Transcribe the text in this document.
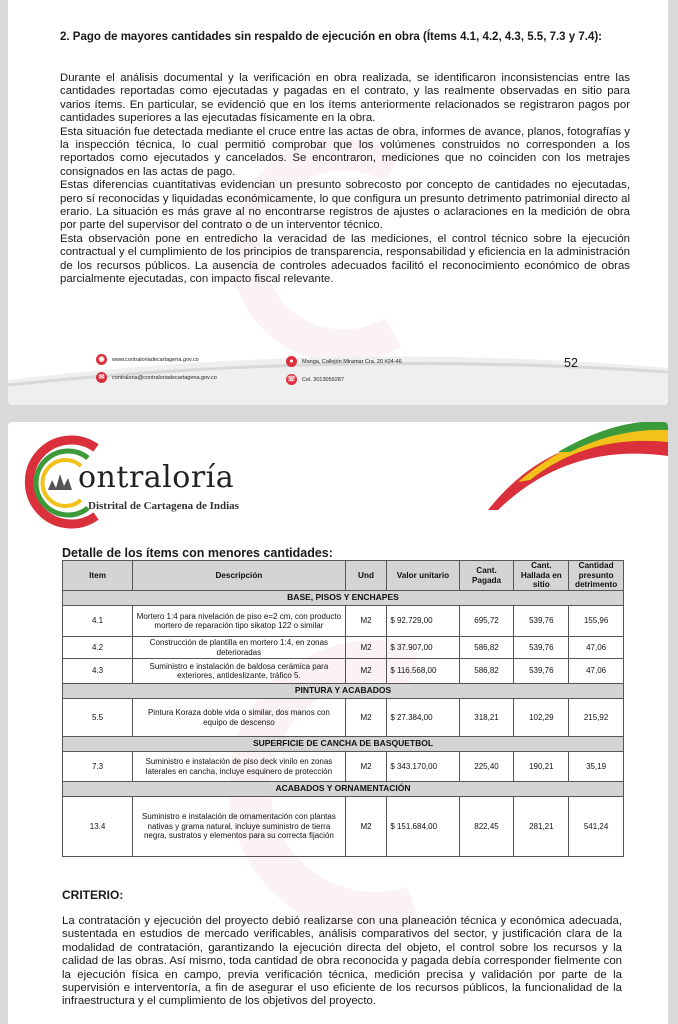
2. Pago de mayores cantidades sin respaldo de ejecución en obra (Ítems 4.1, 4.2, 4.3, 5.5, 7.3 y 7.4):

Durante el análisis documental y la verificación en obra realizada, se identificaron inconsistencias entre las cantidades reportadas como ejecutadas y pagadas en el contrato, y las realmente observadas en sitio para varios ítems. En particular, se evidenció que en los ítems anteriormente relacionados se registraron pagos por cantidades superiores a las ejecutadas físicamente en la obra.

Esta situación fue detectada mediante el cruce entre las actas de obra, informes de avance, planos, fotografías y la inspección técnica, lo cual permitió comprobar que los volúmenes construidos no corresponden a los reportados como ejecutados y cancelados. Se encontraron, mediciones que no coinciden con los metrajes consignados en las actas de pago.

Estas diferencias cuantitativas evidencian un presunto sobrecosto por concepto de cantidades no ejecutadas, pero sí reconocidas y liquidadas económicamente, lo que configura un presunto detrimento patrimonial directo al erario. La situación es más grave al no encontrarse registros de ajustes o aclaraciones en la medición de obra por parte del supervisor del contrato o de un interventor técnico.

Esta observación pone en entredicho la veracidad de las mediciones, el control técnico sobre la ejecución contractual y el cumplimiento de los principios de transparencia, responsabilidad y eficiencia en la administración de los recursos públicos. La ausencia de controles adecuados facilitó el reconocimiento económico de obras parcialmente ejecutadas, con impacto fiscal relevante.

◉	www.contraloriadecartagena.gov.co
✉	contraloria@contraloriadecartagena.gov.co
●	Manga, Callejón Miramar Cra. 20 #24-46
☏ Cel. 3013059287
52
ontraloría
Distrital de Cartagena de Indias
Detalle de los ítems con menores cantidades:
Item	Descripción	Und	Valor unitario	Cant. Pagada	Cant. Hallada en sitio	Cantidad presunto detrimento
BASE, PISOS Y ENCHAPES						
4.1	Mortero 1:4 para nivelación de piso e=2 cm, con producto mortero de reparación tipo sikatop 122 o similar	M2	$ 92.729,00	695,72	539,76	155,96
4.2	Construcción de plantilla en mortero 1:4, en zonas deterioradas	M2	$ 37.907,00	586,82	539,76	47,06
4.3	Suministro e instalación de baldosa cerámica para exteriores, antideslizante, tráfico 5.	M2	$ 116.568,00	586,82	539,76	47,06
PINTURA Y ACABADOS						
5.5	Pintura Koraza doble vida o similar, dos manos con equipo de descenso	M2	$ 27.384,00	318,21	102,29	215,92
SUPERFICIE DE CANCHA DE BASQUETBOL						
7.3	Suministro e instalación de piso deck vinilo en zonas laterales en cancha, incluye esquinero de protección	M2	$ 343.170,00	225,40	190,21	35,19
ACABADOS Y ORNAMENTACIÓN						
13.4	Suministro e instalación de ornamentación con plantas nativas y grama natural, incluye suministro de tierra negra, sustratos y elementos para su correcta fijación	M2	$ 151.684,00	822,45	281,21	541,24
CRITERIO:
La contratación y ejecución del proyecto debió realizarse con una planeación técnica y económica adecuada, sustentada en estudios de mercado verificables, análisis comparativos del sector, y justificación clara de la modalidad de contratación, garantizando la ejecución directa del objeto, el control sobre los recursos y la calidad de las obras. Así mismo, toda cantidad de obra reconocida y pagada debía corresponder fielmente con la ejecución física en campo, previa verificación técnica, medición precisa y validación por parte de la supervisión e interventoría, a fin de asegurar el uso eficiente de los recursos públicos, la funcionalidad de la infraestructura y el cumplimiento de los objetivos del proyecto.
